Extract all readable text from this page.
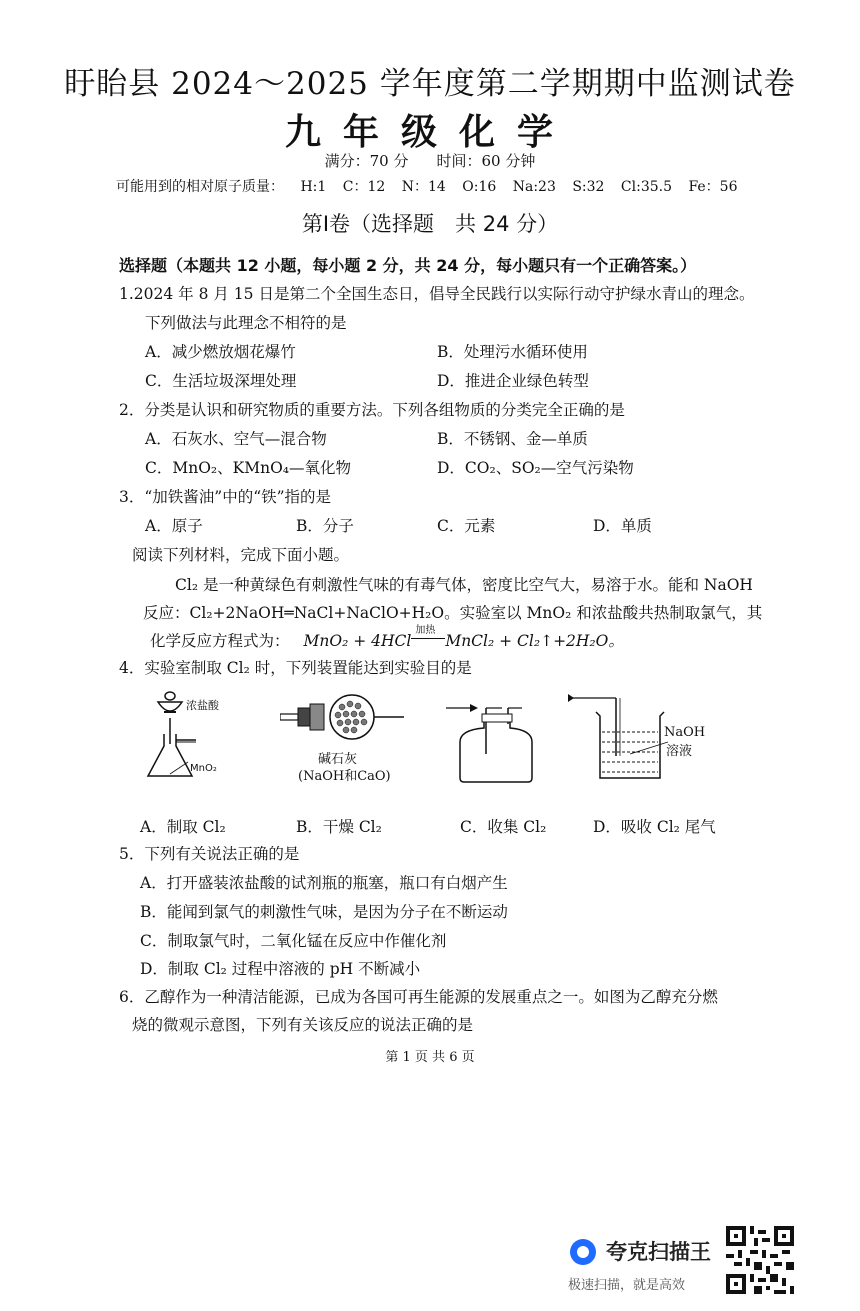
盱眙县 2024～2025 学年度第二学期期中监测试卷
九年级化学
满分：70 分 时间：60 分钟
可能用到的相对原子质量： H:1 C：12 N：14 O:16 Na:23 S:32 Cl:35.5 Fe：56
第Ⅰ卷（选择题　共 24 分）
选择题（本题共 12 小题，每小题 2 分，共 24 分，每小题只有一个正确答案。）
1.2024 年 8 月 15 日是第二个全国生态日，倡导全民践行以实际行动守护绿水青山的理念。
下列做法与此理念不相符的是
A．减少燃放烟花爆竹	B．处理污水循环使用
C．生活垃圾深埋处理	D．推进企业绿色转型
2．分类是认识和研究物质的重要方法。下列各组物质的分类完全正确的是
A．石灰水、空气—混合物	B．不锈钢、金—单质
C．MnO₂、KMnO₄—氧化物	D．CO₂、SO₂—空气污染物
3．“加铁酱油”中的“铁”指的是
A．原子	B．分子	C．元素	D．单质
阅读下列材料，完成下面小题。
Cl₂ 是一种黄绿色有刺激性气味的有毒气体，密度比空气大，易溶于水。能和 NaOH
反应：Cl₂+2NaOH═NaCl+NaClO+H₂O。实验室以 MnO₂ 和浓盐酸共热制取氯气，其
化学反应方程式为： MnO₂ + 4HCl
加热
MnCl₂ + Cl₂↑+2H₂O。
4．实验室制取 Cl₂ 时，下列装置能达到实验目的是
浓盐酸
MnO₂
碱石灰
(NaOH和CaO)
NaOH
溶液
A．制取 Cl₂	B．干燥 Cl₂	C．收集 Cl₂	D．吸收 Cl₂ 尾气
5．下列有关说法正确的是
A．打开盛装浓盐酸的试剂瓶的瓶塞，瓶口有白烟产生
B．能闻到氯气的刺激性气味，是因为分子在不断运动
C．制取氯气时，二氧化锰在反应中作催化剂
D．制取 Cl₂ 过程中溶液的 pH 不断减小
6．乙醇作为一种清洁能源，已成为各国可再生能源的发展重点之一。如图为乙醇充分燃
烧的微观示意图，下列有关该反应的说法正确的是
第 1 页 共 6 页
夸克扫描王
极速扫描，就是高效
